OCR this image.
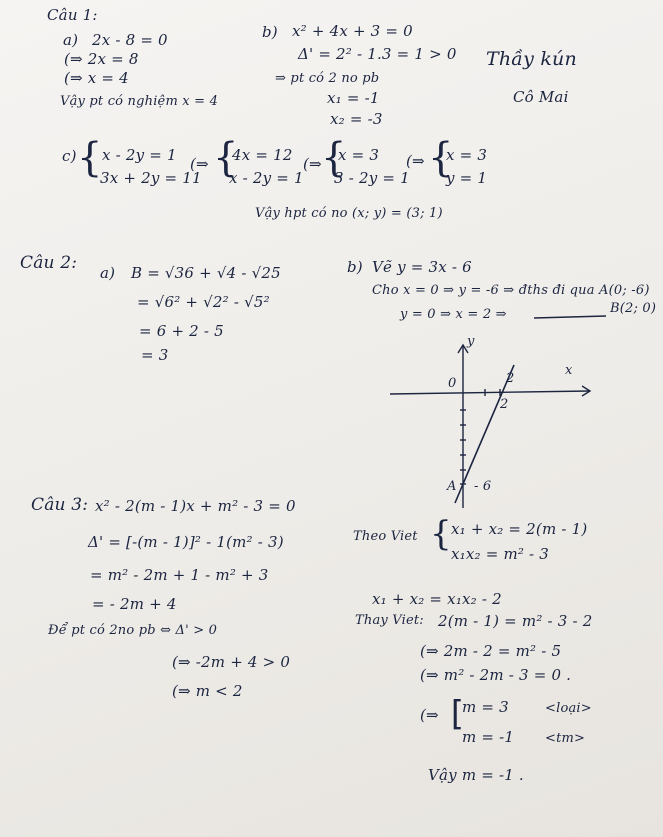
Câu 1:
a) 2x - 8 = 0
(⇒ 2x = 8
(⇒ x = 4
Vậy pt có nghiệm x = 4
b) x² + 4x + 3 = 0
Δ' = 2² - 1.3 = 1 > 0
⇒ pt có 2 no pb
x₁ = -1
x₂ = -3
Thầy kún
Cô Mai
c) { x - 2y = 1
3x + 2y = 11
(⇒ {
4x = 12
x - 2y = 1
(⇒ {
x = 3
3 - 2y = 1
(⇒ {
x = 3
y = 1
Vậy hpt có no (x; y) = (3; 1)
Câu 2: a) B = √36 + √4 - √25
= √6² + √2² - √5²
= 6 + 2 - 5
= 3
b) Vẽ y = 3x - 6
Cho x = 0 ⇒ y = -6 ⇒ đths đi qua A(0; -6)
y = 0 ⇒ x = 2 ⇒	B(2; 0)
y
x
0	2
2
A - 6
Câu 3: x² - 2(m - 1)x + m² - 3 = 0
Δ' = [-(m - 1)]² - 1(m² - 3)
= m² - 2m + 1 - m² + 3
= - 2m + 4
Để pt có 2no pb ⇔ Δ' > 0
(⇒ -2m + 4 > 0
(⇒ m < 2
Theo Viet { x₁ + x₂ = 2(m - 1)
x₁x₂ = m² - 3
x₁ + x₂ = x₁x₂ - 2
Thay Viet: 2(m - 1) = m² - 3 - 2
(⇒ 2m - 2 = m² - 5
(⇒ m² - 2m - 3 = 0 .
(⇒ [
m = 3	<loại>
m = -1 <tm>
Vậy m = -1 .
